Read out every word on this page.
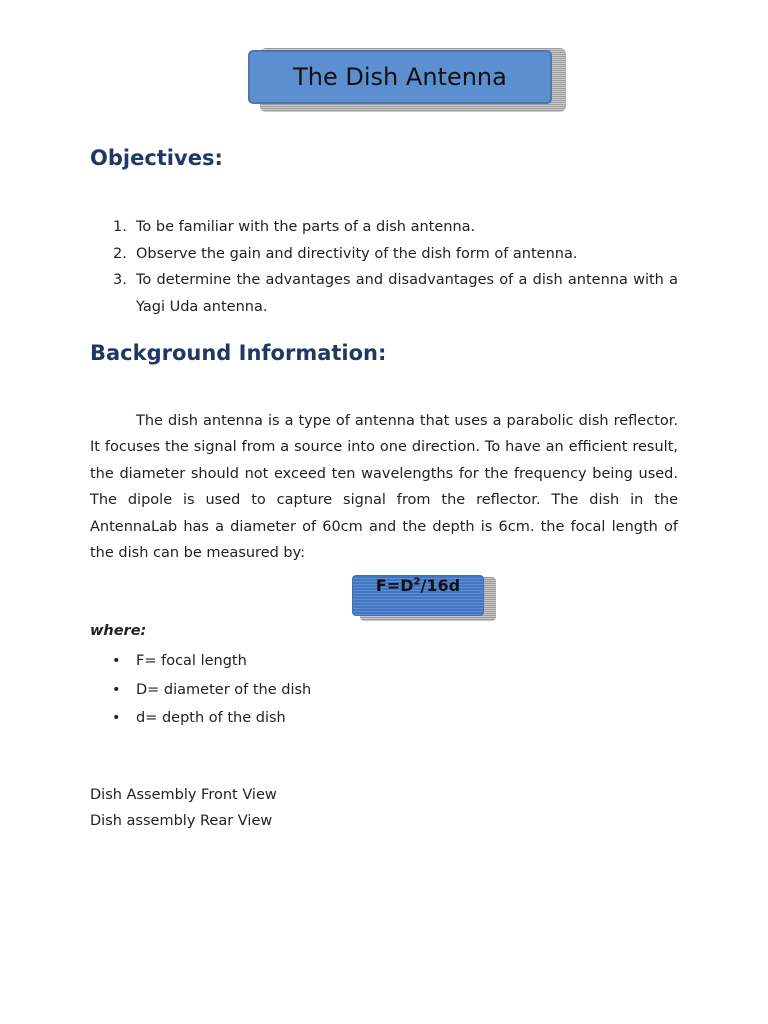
The Dish Antenna
Objectives:
1. To be familiar with the parts of a dish antenna.
2. Observe the gain and directivity of the dish form of antenna.
3. To determine the advantages and disadvantages of a dish antenna with a Yagi Uda antenna.
Background Information:

The dish antenna is a type of antenna that uses a parabolic dish reflector. It focuses the signal from a source into one direction. To have an efficient result, the diameter should not exceed ten wavelengths for the frequency being used. The dipole is used to capture signal from the reflector. The dish in the AntennaLab has a diameter of 60cm and the depth is 6cm. the focal length of the dish can be measured by:

$F=D^2/16d$

where:

• F= focal length
• D= diameter of the dish
• d= depth of the dish

Dish Assembly Front View

Dish assembly Rear View
